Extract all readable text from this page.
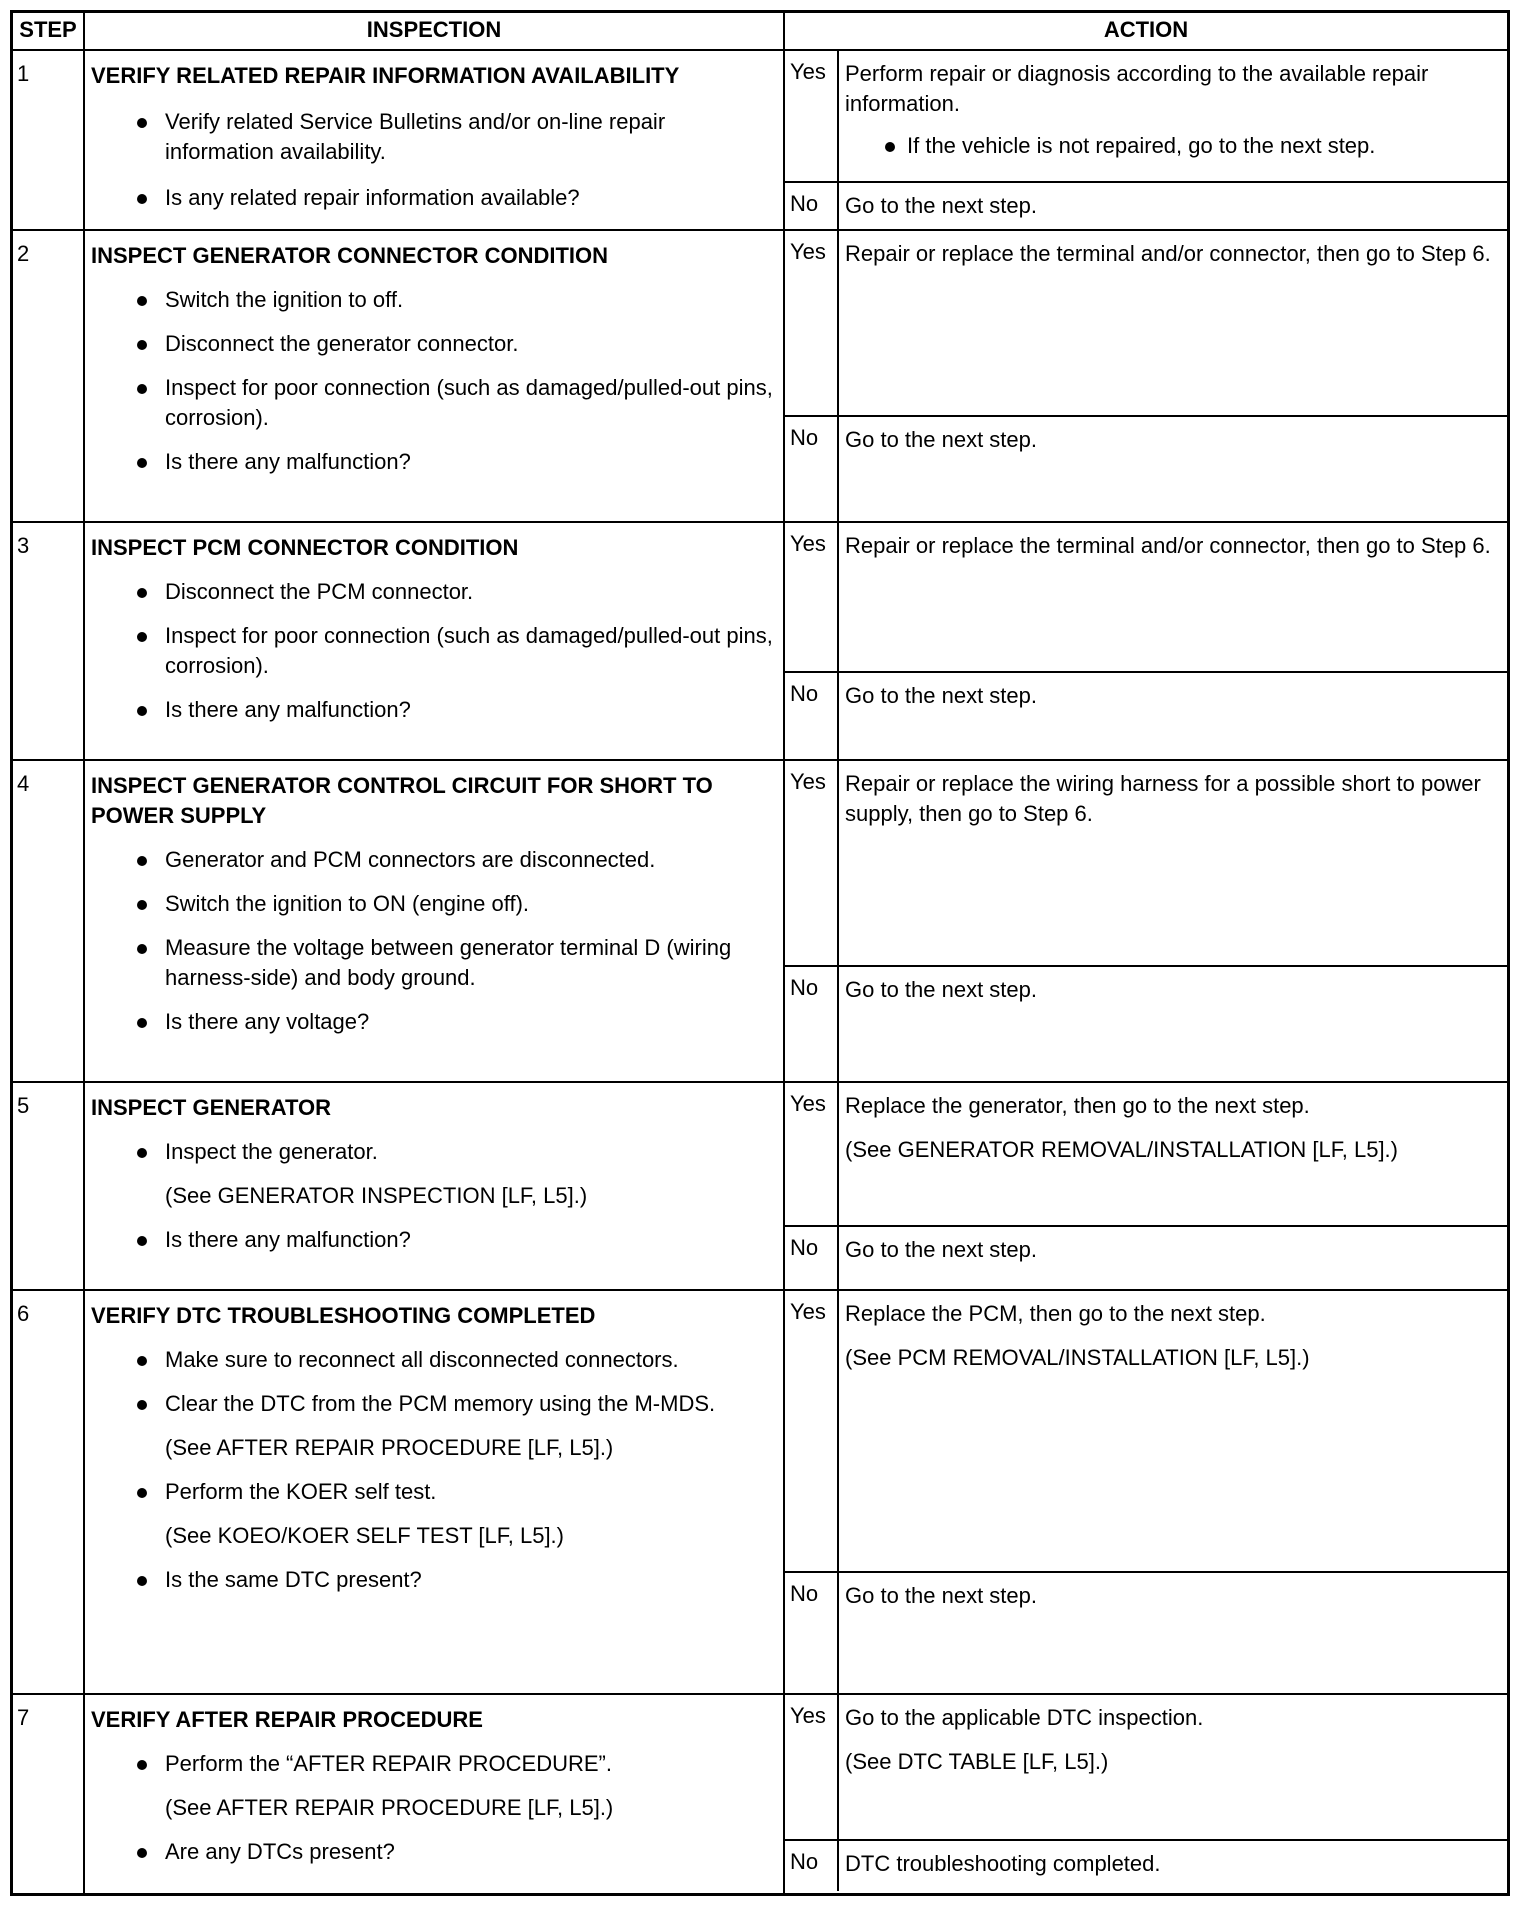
STEP	INSPECTION	ACTION
1	VERIFY RELATED REPAIR INFORMATION AVAILABILITY
Verify related Service Bulletins and/or on-line repair information availability.
Is any related repair information available?
Yes Perform repair or diagnosis according to the available repair information.

If the vehicle is not repaired, go to the next step.
No	Go to the next step.
2	INSPECT GENERATOR CONNECTOR CONDITION
Switch the ignition to off.
Disconnect the generator connector.
Inspect for poor connection (such as damaged/pulled-out pins, corrosion).
Is there any malfunction?
Yes Repair or replace the terminal and/or connector, then go to Step 6.
No	Go to the next step.
3	INSPECT PCM CONNECTOR CONDITION
Disconnect the PCM connector.
Inspect for poor connection (such as damaged/pulled-out pins, corrosion).
Is there any malfunction?
Yes Repair or replace the terminal and/or connector, then go to Step 6.
No	Go to the next step.
4	INSPECT GENERATOR CONTROL CIRCUIT FOR SHORT TO POWER SUPPLY
Generator and PCM connectors are disconnected.
Switch the ignition to ON (engine off).
Measure the voltage between generator terminal D (wiring harness-side) and body ground.
Is there any voltage?
Yes Repair or replace the wiring harness for a possible short to power supply, then go to Step 6.
No	Go to the next step.
5	INSPECT GENERATOR
Inspect the generator.
(See GENERATOR INSPECTION [LF, L5].)
Is there any malfunction?
Yes Replace the generator, then go to the next step.

(See GENERATOR REMOVAL/INSTALLATION [LF, L5].)

No	Go to the next step.
6	VERIFY DTC TROUBLESHOOTING COMPLETED
Make sure to reconnect all disconnected connectors.
Clear the DTC from the PCM memory using the M-MDS.
(See AFTER REPAIR PROCEDURE [LF, L5].)
Perform the KOER self test.
(See KOEO/KOER SELF TEST [LF, L5].)
Is the same DTC present?
Yes Replace the PCM, then go to the next step.

(See PCM REMOVAL/INSTALLATION [LF, L5].)

No	Go to the next step.
7	VERIFY AFTER REPAIR PROCEDURE
Perform the “AFTER REPAIR PROCEDURE”.
(See AFTER REPAIR PROCEDURE [LF, L5].)
Are any DTCs present?
Yes Go to the applicable DTC inspection.

(See DTC TABLE [LF, L5].)

No	DTC troubleshooting completed.
